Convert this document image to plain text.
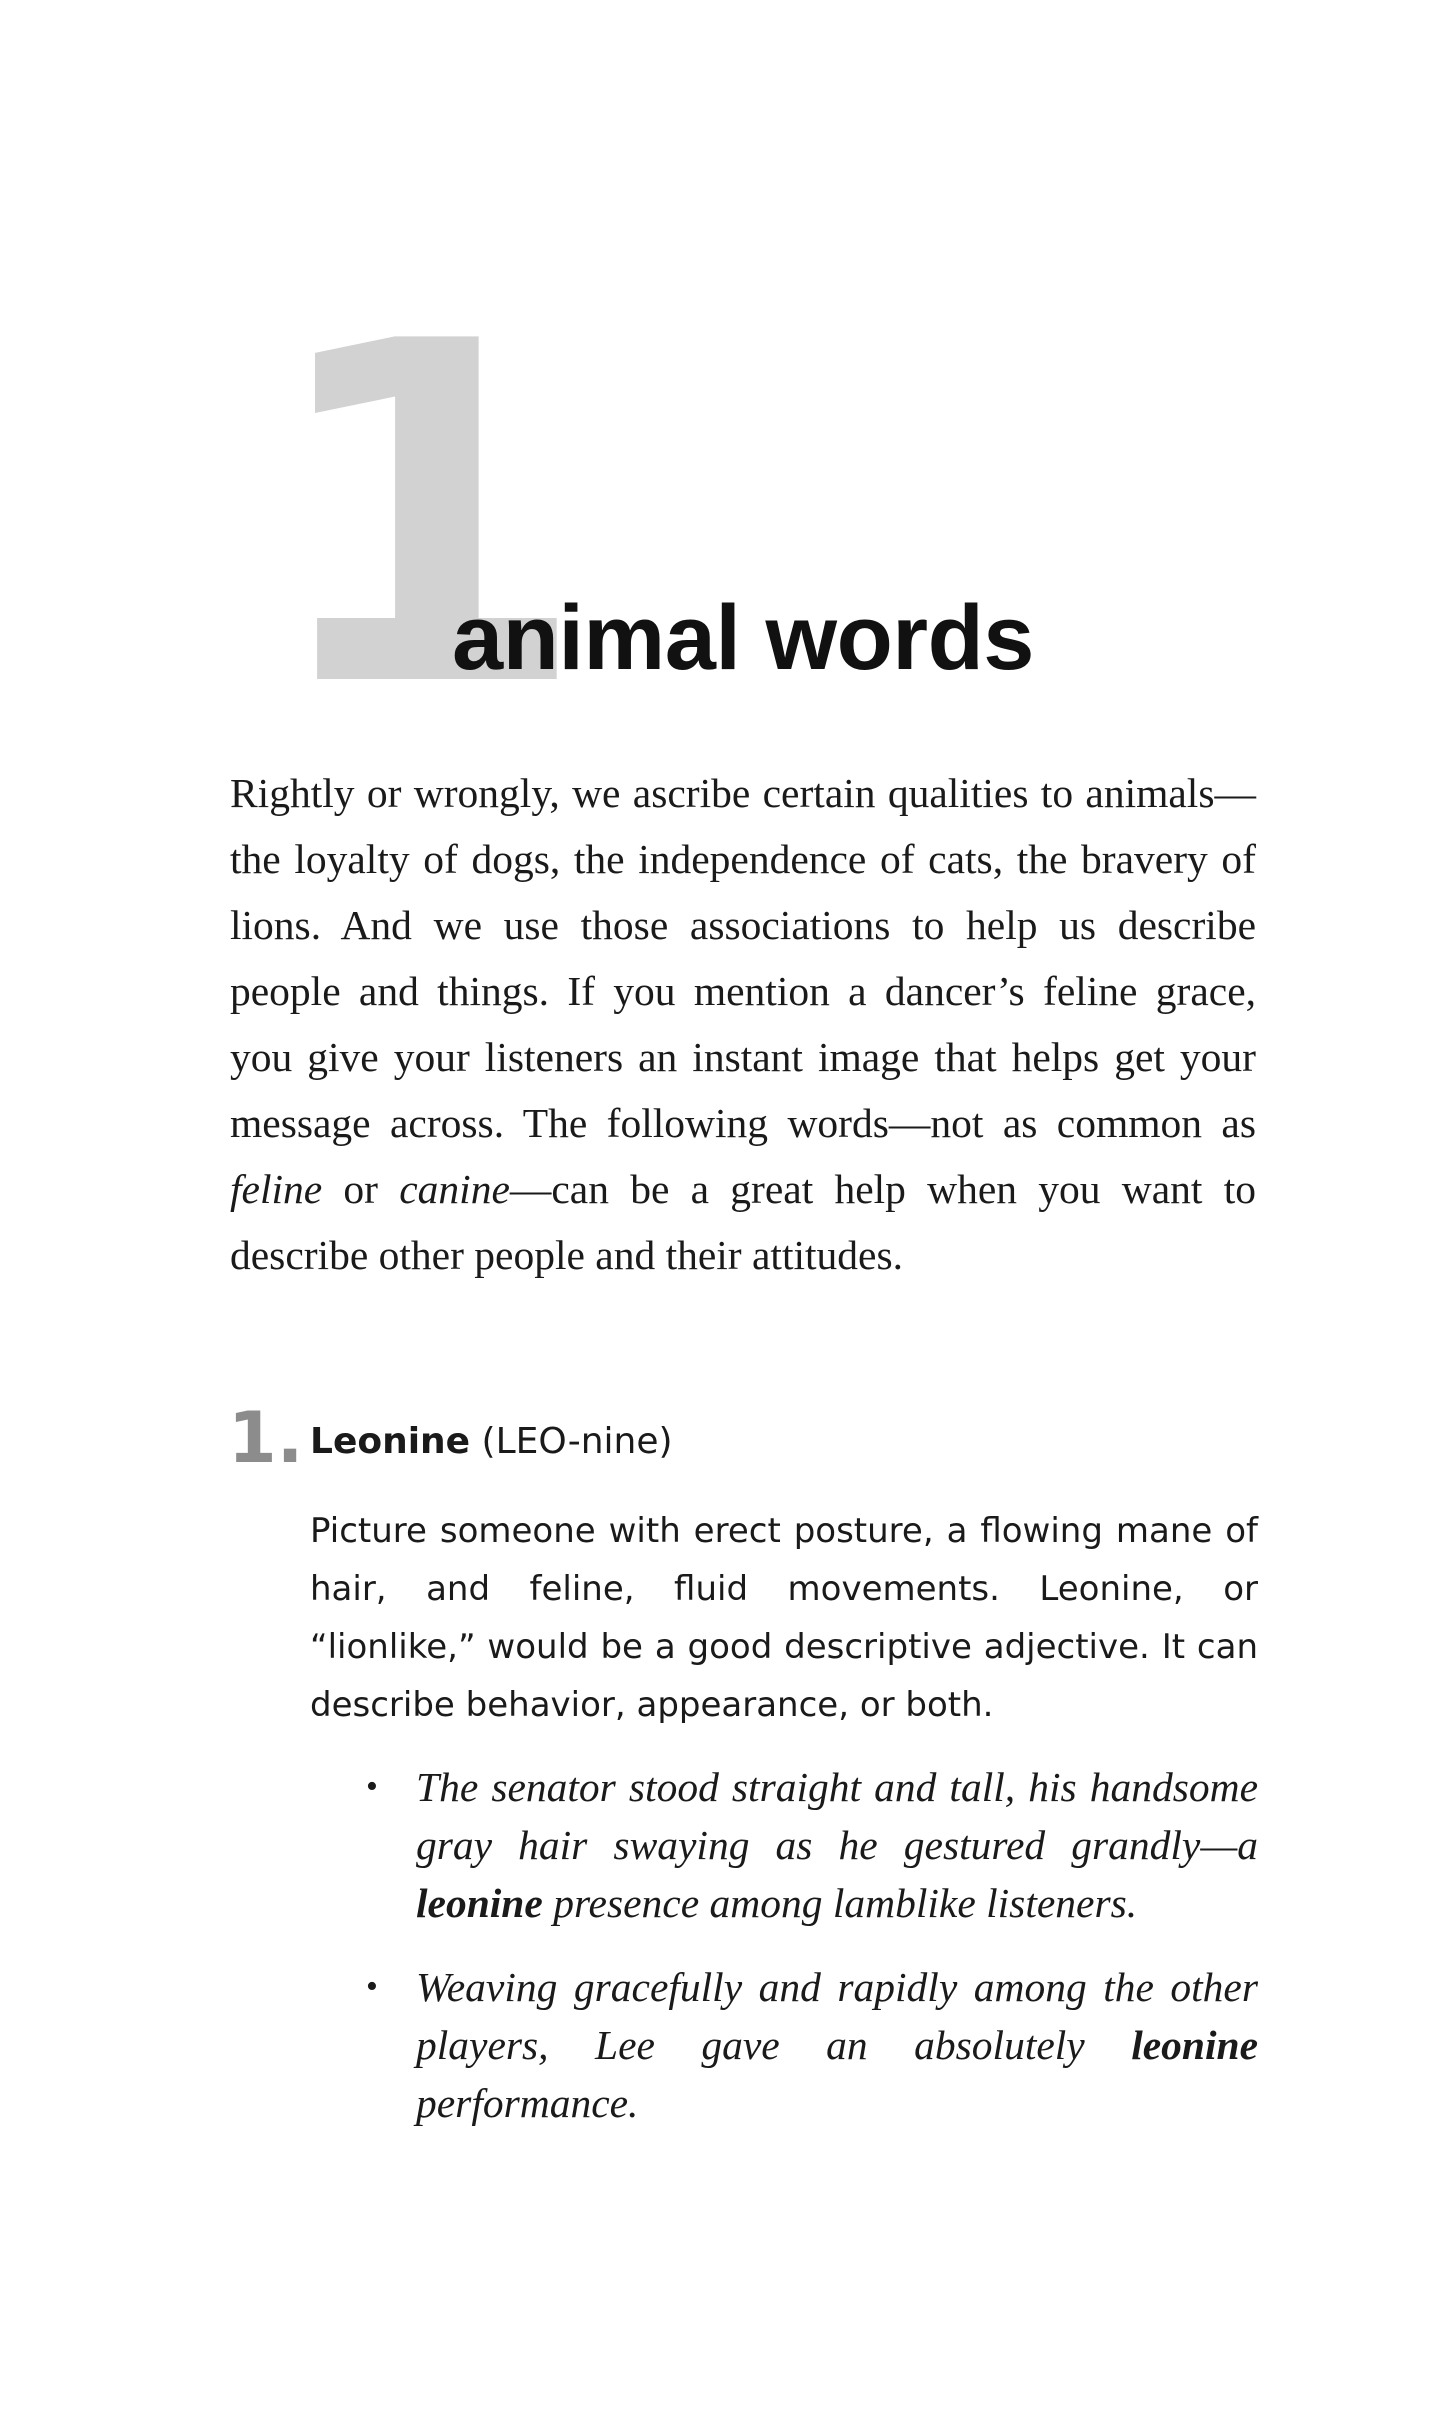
1
animal words

Rightly or wrongly, we ascribe certain qualities to animals—the loyalty of dogs, the independence of cats, the bravery of lions. And we use those associations to help us describe people and things. If you mention a dancer’s feline grace, you give your listeners an instant image that helps get your message across. The following words—not as common as feline or canine—can be a great help when you want to describe other people and their attitudes.

1. Leonine (LEO-nine)

Picture someone with erect posture, a flowing mane of hair, and feline, fluid movements. Leonine, or “lionlike,” would be a good descriptive adjective. It can describe behavior, appearance, or both.

• The senator stood straight and tall, his handsome gray hair swaying as he gestured grandly—a leonine presence among lamblike listeners.
• Weaving gracefully and rapidly among the other players, Lee gave an absolutely leonine performance.
